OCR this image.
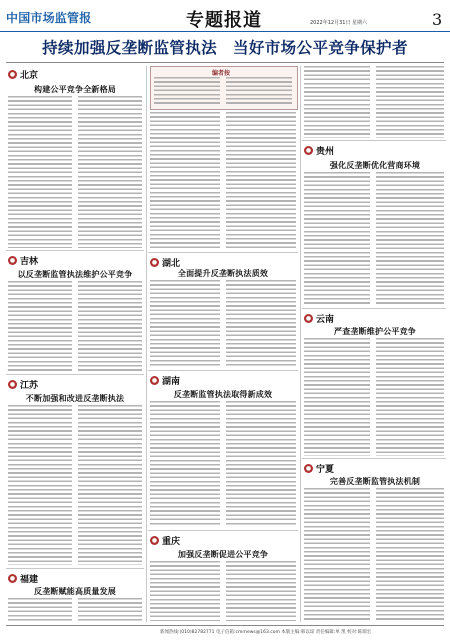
中国市场监管报	专题报道	2022年12月31日 星期六	3
持续加强反垄断监管执法　当好市场公平竞争保护者
● 北京
构建公平竞争全新格局
● 吉林
以反垄断监管执法维护公平竞争
● 江苏
不断加强和改进反垄断执法
● 福建
反垄断赋能高质量发展
编者按
● 湖北
全面提升反垄断执法质效
● 湖南
反垄断监管执法取得新成效
● 重庆
加强反垄断促进公平竞争
● 贵州
强化反垄断优化营商环境
● 云南
严查垄断维护公平竞争
● 宁夏
完善反垄断监管执法机制
新闻热线:(010)82782771 电子信箱:cmrnews@163.com 本版主编:韩以琼 责任编辑:单 凯 校对:陈瑞宏
